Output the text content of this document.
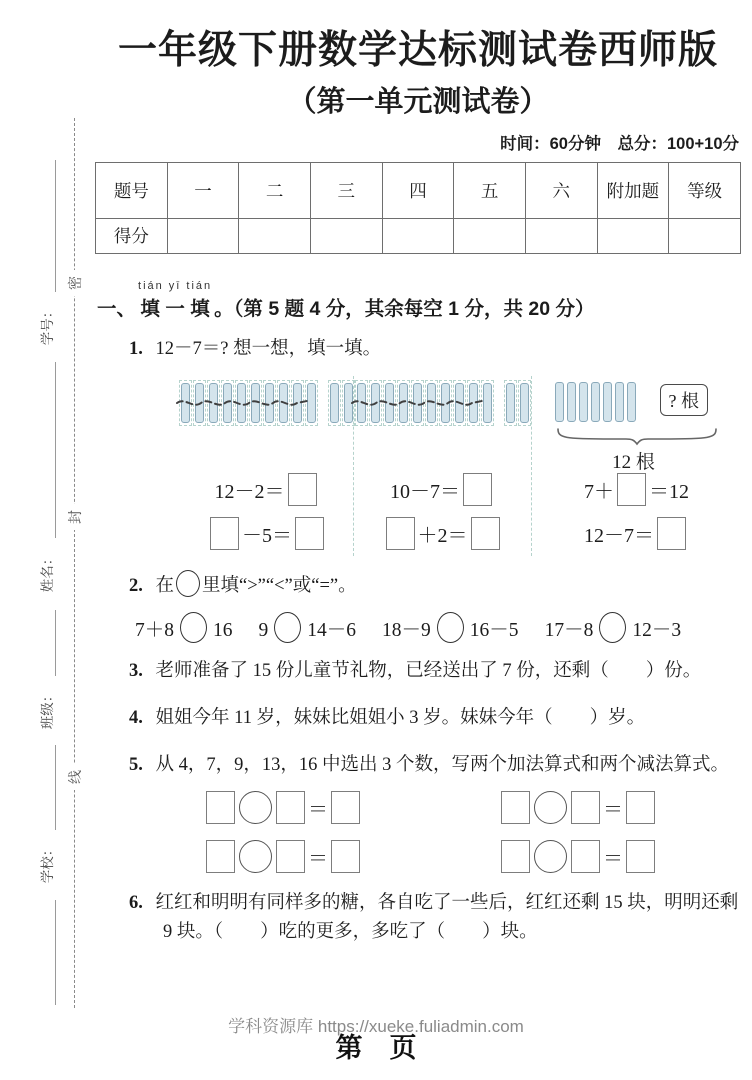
学号：
姓名：
班级：
学校：
密
封
线
一年级下册数学达标测试卷西师版
（第一单元测试卷）
时间：60分钟　总分：100+10分
题号	一	二	三	四	五	六	附加题	等级
得分								
一、
tián yī tián
填 一 填 。（第 5 题 4 分，其余每空 1 分，共 20 分）
1. 12－7＝? 想一想，填一填。
12－2＝
－5＝
10－7＝
＋2＝
? 根
12 根
7＋ ＝12
12－7＝
2. 在 里填“>”“<”或“=”。
7＋8 16 9 14－6 18－9 16－5 17－8 12－3
3. 老师准备了 15 份儿童节礼物，已经送出了 7 份，还剩（　　）份。
4. 姐姐今年 11 岁，妹妹比姐姐小 3 岁。妹妹今年（　　）岁。
5. 从 4，7，9，13，16 中选出 3 个数，写两个加法算式和两个减法算式。
＝	＝
＝	＝
6. 红红和明明有同样多的糖，各自吃了一些后，红红还剩 15 块，明明还剩 9 块。（　　）吃的更多，多吃了（　　）块。
学科资源库 https://xueke.fuliadmin.com
第　页
